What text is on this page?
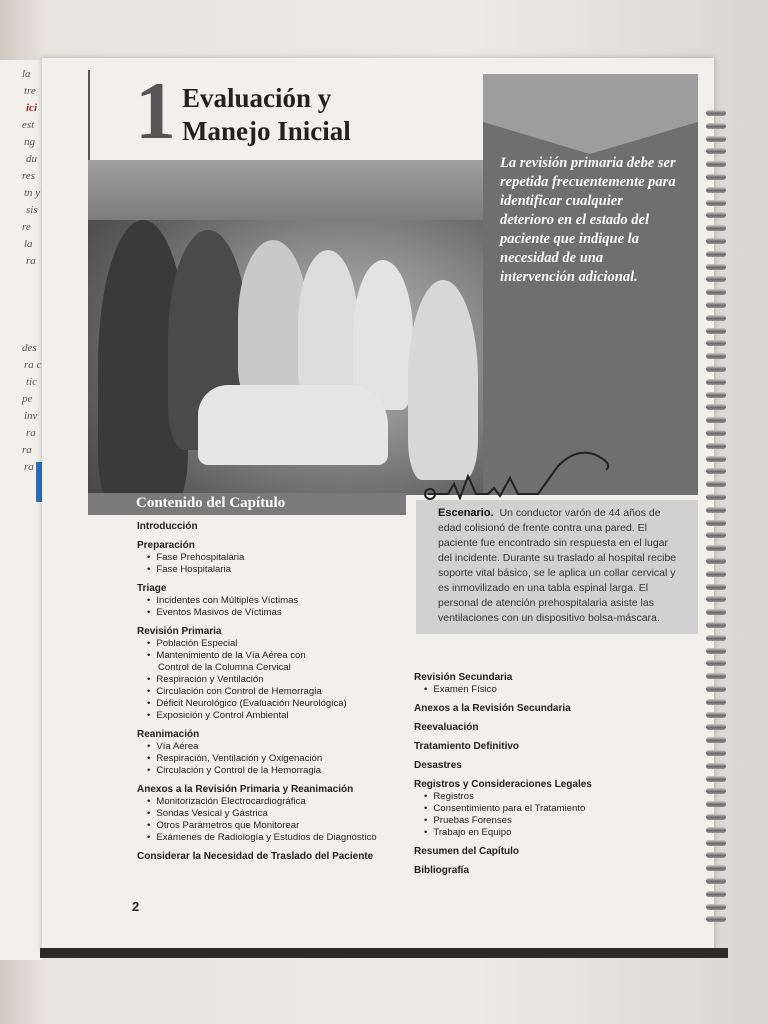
la
tre
ici
est
ng
du
res
tn y
sis
re
la
ra
des
ra c
tic
pe
inv
ra
ra
ra
1 Evaluación y
Manejo Inicial
La revisión primaria debe ser repetida frecuentemente para identificar cualquier deterioro en el estado del paciente que indique la necesidad de una intervención adicional.

Escenario. Un conductor varón de 44 años de edad colisionó de frente contra una pared. El paciente fue encontrado sin respuesta en el lugar del incidente. Durante su traslado al hospital recibe soporte vital básico, se le aplica un collar cervical y es inmovilizado en una tabla espinal larga. El personal de atención prehospitalaria asiste las ventilaciones con un dispositivo bolsa-máscara.

Contenido del Capítulo
Introducción
Preparación
• Fase Prehospitalaria
• Fase Hospitalaria
Triage
• Incidentes con Múltiples Víctimas
• Eventos Masivos de Víctimas
Revisión Primaria
• Población Especial
• Mantenimiento de la Vía Aérea con
Control de la Columna Cervical
• Respiración y Ventilación
• Circulación con Control de Hemorragia
• Déficit Neurológico (Evaluación Neurológica)
• Exposición y Control Ambiental
Reanimación
• Vía Aérea
• Respiración, Ventilación y Oxigenación
• Circulación y Control de la Hemorragia
Anexos a la Revisión Primaria y Reanimación
• Monitorización Electrocardiográfica
• Sondas Vesical y Gástrica
• Otros Parámetros que Monitorear
• Exámenes de Radiología y Estudios de Diagnóstico
Considerar la Necesidad de Traslado del Paciente
Revisión Secundaria
• Examen Físico
Anexos a la Revisión Secundaria
Reevaluación
Tratamiento Definitivo
Desastres
Registros y Consideraciones Legales
• Registros
• Consentimiento para el Tratamiento
• Pruebas Forenses
• Trabajo en Equipo
Resumen del Capítulo
Bibliografía
2
